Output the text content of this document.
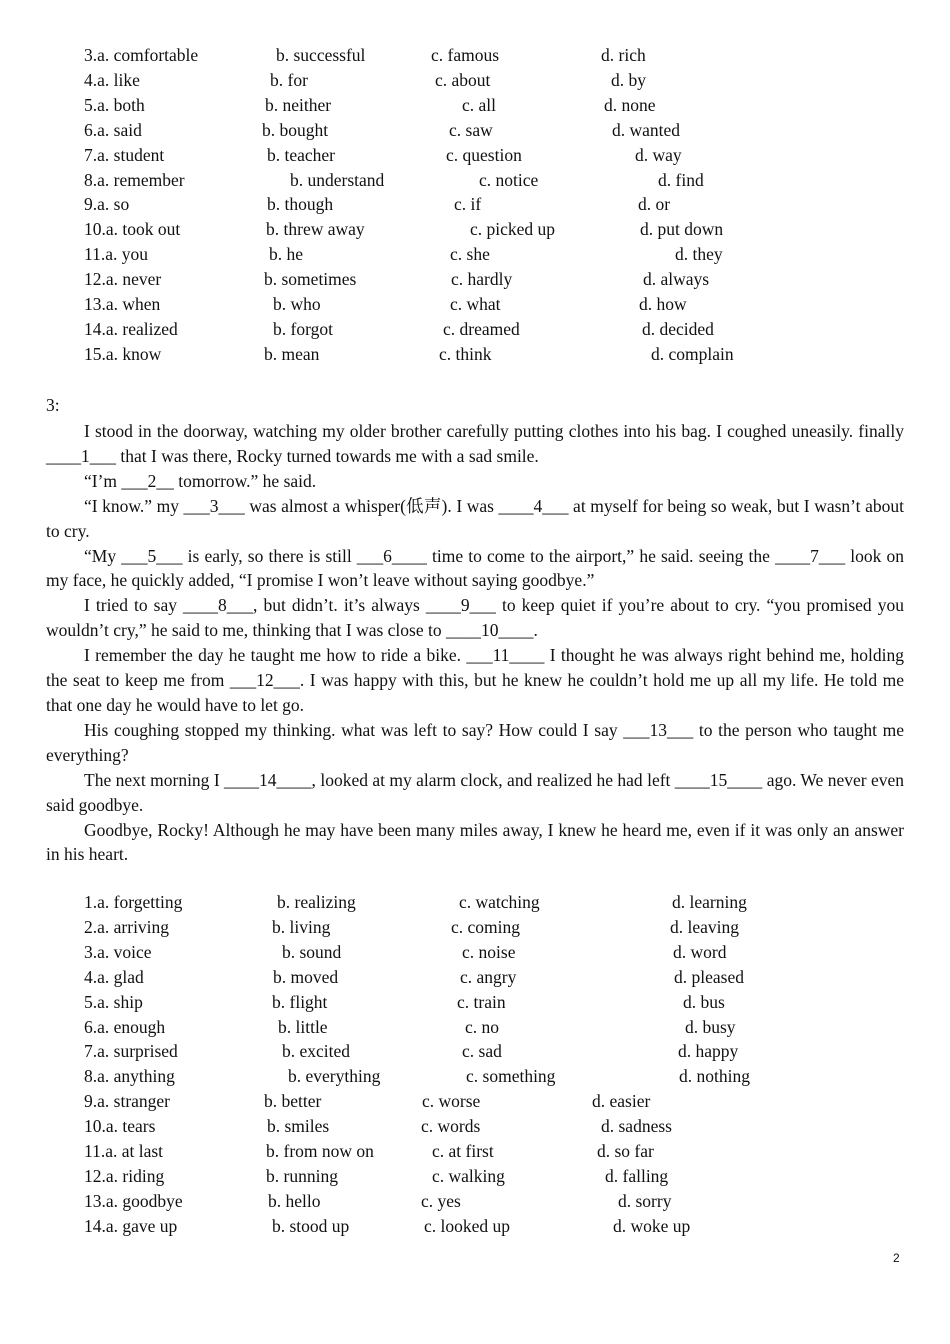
3.a. comfortable	b. successful	c. famous	d. rich
4.a. like	b. for	c. about	d. by
5.a. both	b. neither	c. all	d. none
6.a. said	b. bought	c. saw	d. wanted
7.a. student	b. teacher	c. question	d. way
8.a. remember	b. understand	c. notice	d. find
9.a. so	b. though	c. if	d. or
10.a. took out	b. threw away	c. picked up	d. put down
11.a. you	b. he	c. she	d. they
12.a. never	b. sometimes	c. hardly	d. always
13.a. when	b. who	c. what	d. how
14.a. realized	b. forgot	c. dreamed	d. decided
15.a. know	b. mean	c. think	d. complain
3:

I stood in the doorway, watching my older brother carefully putting clothes into his bag. I coughed uneasily. finally ____1___ that I was there, Rocky turned towards me with a sad smile.

“I’m ___2__ tomorrow.” he said.

“I know.” my ___3___ was almost a whisper(低声). I was ____4___ at myself for being so weak, but I wasn’t about to cry.

“My ___5___ is early, so there is still ___6____ time to come to the airport,” he said. seeing the ____7___ look on my face, he quickly added, “I promise I won’t leave without saying goodbye.”

I tried to say ____8___, but didn’t. it’s always ____9___ to keep quiet if you’re about to cry. “you promised you wouldn’t cry,” he said to me, thinking that I was close to ____10____.

I remember the day he taught me how to ride a bike. ___11____ I thought he was always right behind me, holding the seat to keep me from ___12___. I was happy with this, but he knew he couldn’t hold me up all my life. He told me that one day he would have to let go.

His coughing stopped my thinking. what was left to say? How could I say ___13___ to the person who taught me everything?

The next morning I ____14____, looked at my alarm clock, and realized he had left ____15____ ago. We never even said goodbye.

Goodbye, Rocky! Although he may have been many miles away, I knew he heard me, even if it was only an answer in his heart.

1.a. forgetting	b. realizing	c. watching	d. learning
2.a. arriving	b. living	c. coming	d. leaving
3.a. voice	b. sound	c. noise	d. word
4.a. glad	b. moved	c. angry	d. pleased
5.a. ship	b. flight	c. train	d. bus
6.a. enough	b. little	c. no	d. busy
7.a. surprised	b. excited	c. sad	d. happy
8.a. anything	b. everything	c. something	d. nothing
9.a. stranger	b. better	c. worse	d. easier
10.a. tears	b. smiles	c. words	d. sadness
11.a. at last	b. from now on	c. at first	d. so far
12.a. riding	b. running	c. walking	d. falling
13.a. goodbye	b. hello	c. yes	d. sorry
14.a. gave up	b. stood up	c. looked up	d. woke up
2
